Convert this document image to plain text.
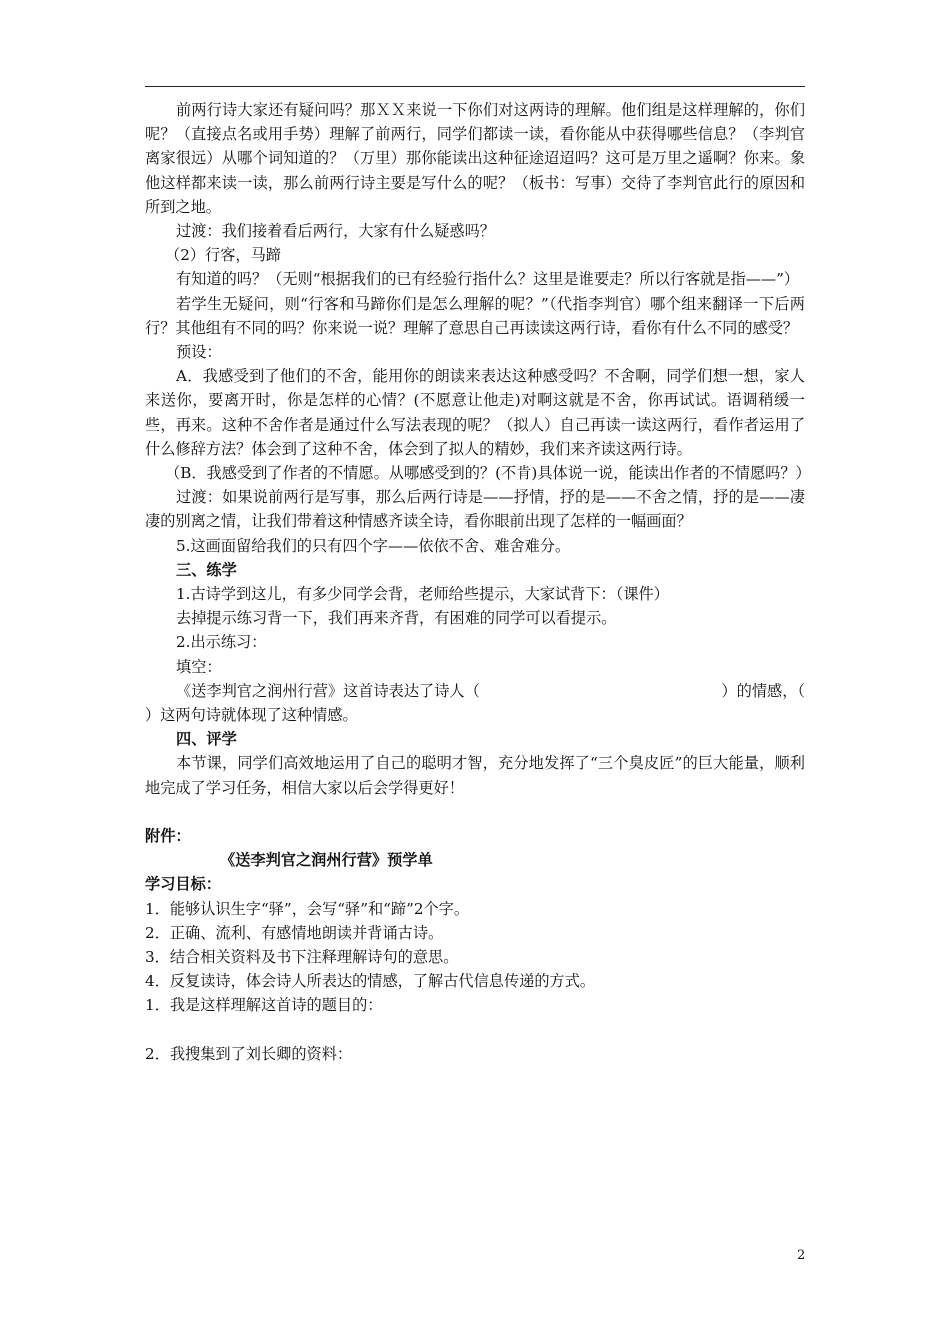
前两行诗大家还有疑问吗？那ＸＸ来说一下你们对这两诗的理解。他们组是这样理解的，你们呢？（直接点名或用手势）理解了前两行，同学们都读一读，看你能从中获得哪些信息？（李判官离家很远）从哪个词知道的？（万里）那你能读出这种征途迢迢吗？这可是万里之遥啊？你来。象他这样都来读一读，那么前两行诗主要是写什么的呢？（板书：写事）交待了李判官此行的原因和所到之地。

过渡：我们接着看后两行，大家有什么疑惑吗？

（2）行客，马蹄

有知道的吗？（无则“根据我们的已有经验行指什么？这里是谁要走？所以行客就是指——”）

若学生无疑问，则“行客和马蹄你们是怎么理解的呢？”（代指李判官）哪个组来翻译一下后两行？其他组有不同的吗？你来说一说？理解了意思自己再读读这两行诗，看你有什么不同的感受？

预设：

A．我感受到了他们的不舍，能用你的朗读来表达这种感受吗？不舍啊，同学们想一想，家人来送你，要离开时，你是怎样的心情？(不愿意让他走)对啊这就是不舍，你再试试。语调稍缓一些，再来。这种不舍作者是通过什么写法表现的呢？（拟人）自己再读一读这两行，看作者运用了什么修辞方法？体会到了这种不舍，体会到了拟人的精妙，我们来齐读这两行诗。

（B．我感受到了作者的不情愿。从哪感受到的？(不肯)具体说一说，能读出作者的不情愿吗？）

过渡：如果说前两行是写事，那么后两行诗是——抒情，抒的是——不舍之情，抒的是——凄凄的别离之情，让我们带着这种情感齐读全诗，看你眼前出现了怎样的一幅画面？

5.这画面留给我们的只有四个字——依依不舍、难舍难分。

三、练学

1.古诗学到这儿，有多少同学会背，老师给些提示，大家试背下：（课件）

去掉提示练习背一下，我们再来齐背，有困难的同学可以看提示。

2.出示练习：

填空：

《送李判官之润州行营》这首诗表达了诗人（	）的情感，（

）这两句诗就体现了这种情感。

四、评学

本节课，同学们高效地运用了自己的聪明才智，充分地发挥了“三个臭皮匠”的巨大能量，顺利地完成了学习任务，相信大家以后会学得更好！

附件：

《送李判官之润州行营》预学单

学习目标：

1．能够认识生字“驿”，会写“驿”和“蹄”2个字。

2．正确、流利、有感情地朗读并背诵古诗。

3．结合相关资料及书下注释理解诗句的意思。

4．反复读诗，体会诗人所表达的情感，了解古代信息传递的方式。

1．我是这样理解这首诗的题目的：

2．我搜集到了刘长卿的资料：

2
